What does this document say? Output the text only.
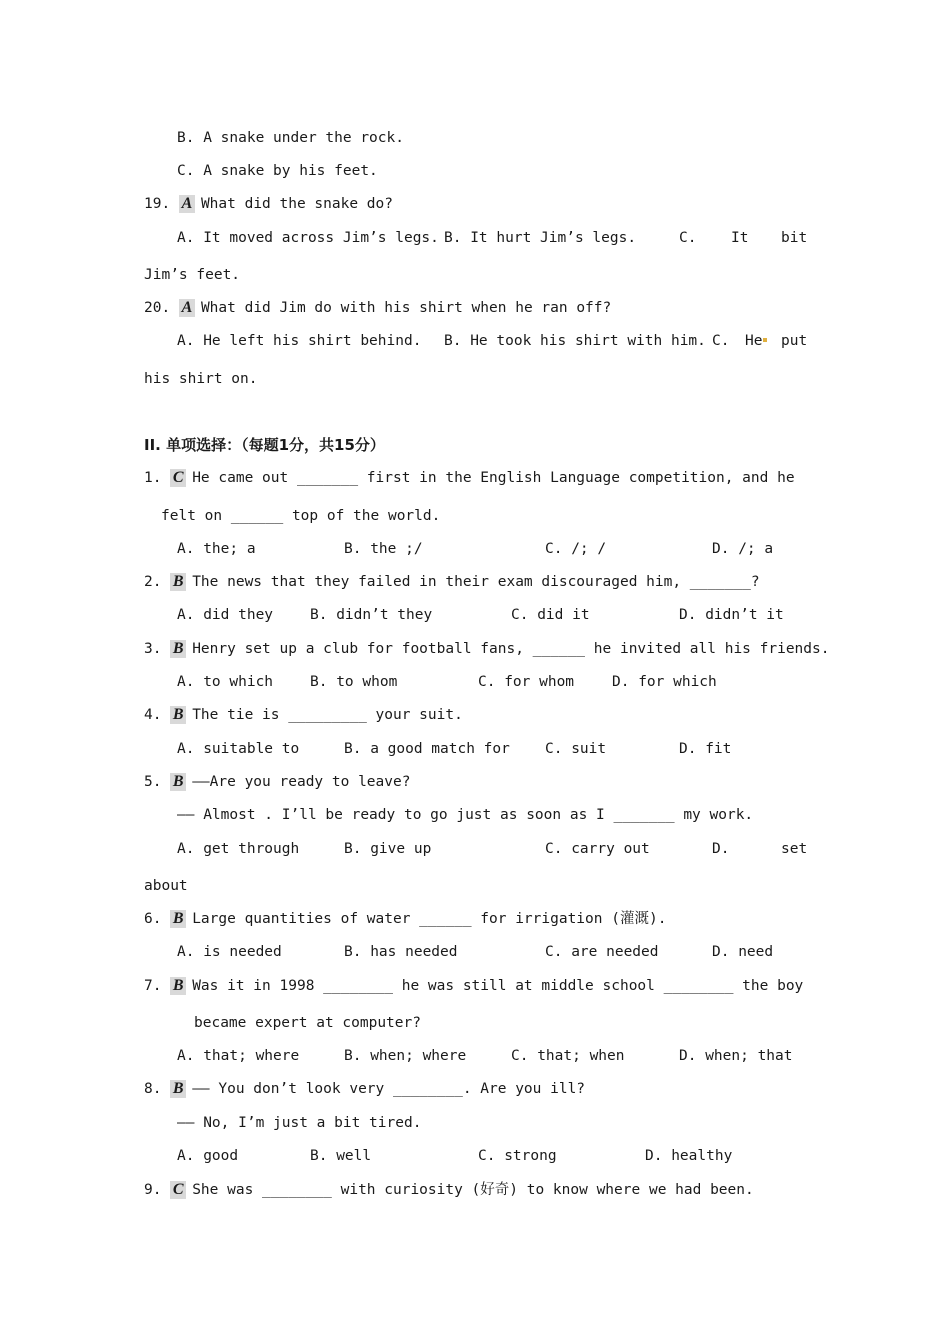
B. A snake under the rock.
C. A snake by his feet.
19. A What did the snake do?
A. It moved across Jim’s legs. B. It hurt Jim’s legs.	C. It bit
Jim’s feet.
20. A What did Jim do with his shirt when he ran off?
A. He left his shirt behind. B. He took his shirt with him. C. He	put
his shirt on.
II. 单项选择：（每题1分，共15分）
1. C He came out _______ first in the English Language competition, and he
felt on ______ top of the world.
A. the; a	B. the ;/	C. /; /	D. /; a
2. B The news that they failed in their exam discouraged him, _______?
A. did they	B. didn’t they	C. did it	D. didn’t it
3. B Henry set up a club for football fans, ______ he invited all his friends.
A. to which	B. to whom	C. for whom	D. for which
4. B The tie is _________ your suit.
A. suitable to	B. a good match for C. suit	D. fit
5. B ——Are you ready to leave?
—— Almost . I’ll be ready to go just as soon as I _______ my work.
A. get through	B. give up	C. carry out	D.	set
about
6. B Large quantities of water ______ for irrigation (灌溉).
A. is needed	B. has needed	C. are needed	D. need
7. B Was it in 1998 ________ he was still at middle school ________ the boy
became expert at computer?
A. that; where	B. when; where	C. that; when	D. when; that
8. B —— You don’t look very ________. Are you ill?
—— No, I’m just a bit tired.
A. good	B. well	C. strong	D. healthy
9. C She was ________ with curiosity (好奇) to know where we had been.
